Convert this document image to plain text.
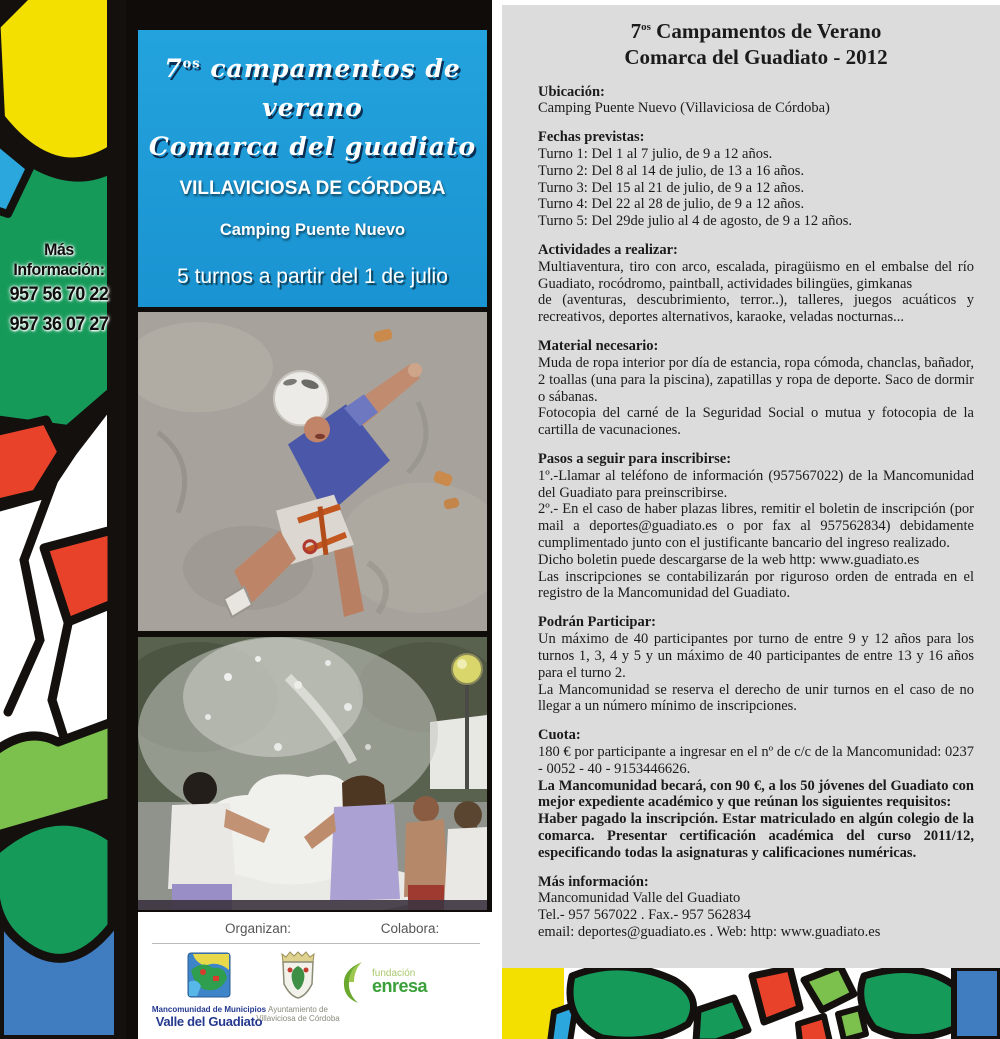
Más Información:
957 56 70 22
957 36 07 27
$7^{os}$ campamentos de verano
Comarca del guadiato
VILLAVICIOSA DE CÓRDOBA
Camping Puente Nuevo
5 turnos a partir del 1 de julio
Organizan:	Colabora:
Mancomunidad de Municipios
Valle del Guadiato
Ayuntamiento de
Villaviciosa de Córdoba
fundación
enresa
$7^{os}$ Campamentos de Verano
Comarca del Guadiato - 2012
Ubicación:

Camping Puente Nuevo (Villaviciosa de Córdoba)

Fechas previstas:

Turno 1: Del 1 al 7 julio, de 9 a 12 años.

Turno 2: Del 8 al 14 de julio, de 13 a 16 años.

Turno 3: Del 15 al 21 de julio, de 9 a 12 años.

Turno 4: Del 22 al 28 de julio, de 9 a 12 años.

Turno 5: Del 29de julio al 4 de agosto, de 9 a 12 años.

Actividades a realizar:

Multiaventura, tiro con arco, escalada, piragüismo en el embalse del río Guadiato, rocódromo, paintball, actividades bilingües, gimkanas

de (aventuras, descubrimiento, terror..), talleres, juegos acuáticos y recreativos, deportes alternativos, karaoke, veladas nocturnas...

Material necesario:

Muda de ropa interior por día de estancia, ropa cómoda, chanclas, bañador, 2 toallas (una para la piscina), zapatillas y ropa de deporte. Saco de dormir o sábanas.

Fotocopia del carné de la Seguridad Social o mutua y fotocopia de la cartilla de vacunaciones.

Pasos a seguir para inscribirse:

1º.-Llamar al teléfono de información (957567022) de la Mancomunidad del Guadiato para preinscribirse.

2º.- En el caso de haber plazas libres, remitir el boletin de inscripción (por mail a deportes@guadiato.es o por fax al 957562834) debidamente cumplimentado junto con el justificante bancario del ingreso realizado.

Dicho boletin puede descargarse de la web http: www.guadiato.es

Las inscripciones se contabilizarán por riguroso orden de entrada en el registro de la Mancomunidad del Guadiato.

Podrán Participar:

Un máximo de 40 participantes por turno de entre 9 y 12 años para los turnos 1, 3, 4 y 5 y un máximo de 40 participantes de entre 13 y 16 años para el turno 2.

La Mancomunidad se reserva el derecho de unir turnos en el caso de no llegar a un número mínimo de inscripciones.

Cuota:

180 € por participante a ingresar en el nº de c/c de la Mancomunidad: 0237 - 0052 - 40 - 9153446626.

La Mancomunidad becará, con 90 €, a los 50 jóvenes del Guadiato con mejor expediente académico y que reúnan los siguientes requisitos:

Haber pagado la inscripción. Estar matriculado en algún colegio de la comarca. Presentar certificación académica del curso 2011/12, especificando todas la asignaturas y calificaciones numéricas.

Más información:

Mancomunidad Valle del Guadiato

Tel.- 957 567022 . Fax.- 957 562834

email: deportes@guadiato.es . Web: http: www.guadiato.es
